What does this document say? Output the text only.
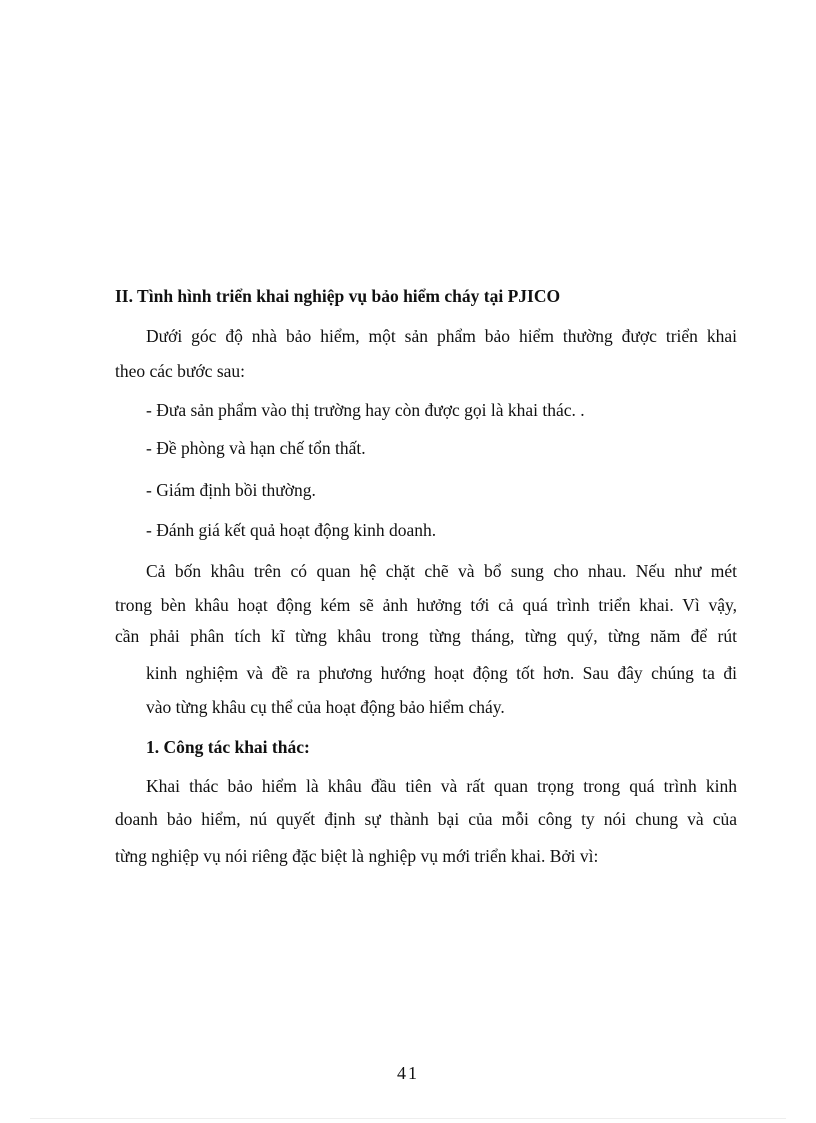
II. Tình hình triển khai nghiệp vụ bảo hiểm cháy tại PJICO
Dưới góc độ nhà bảo hiểm, một sản phẩm bảo hiểm thường được triển khai
theo các bước sau:
- Đưa sản phẩm vào thị trường hay còn được gọi là khai thác. .
- Đề phòng và hạn chế tổn thất.
- Giám định bồi thường.
- Đánh giá kết quả hoạt động kinh doanh.
Cả bốn khâu trên có quan hệ chặt chẽ và bổ sung cho nhau. Nếu như mét
trong bèn khâu hoạt động kém sẽ ảnh hưởng tới cả quá trình triển khai. Vì vậy,
cần phải phân tích kĩ từng khâu trong từng tháng, từng quý, từng năm để rút
kinh nghiệm và đề ra phương hướng hoạt động tốt hơn. Sau đây chúng ta đi
vào từng khâu cụ thể của hoạt động bảo hiểm cháy.
1. Công tác khai thác:
Khai thác bảo hiểm là khâu đầu tiên và rất quan trọng trong quá trình kinh
doanh bảo hiểm, nú quyết định sự thành bại của mỗi công ty nói chung và của
từng nghiệp vụ nói riêng đặc biệt là nghiệp vụ mới triển khai. Bởi vì:
41
